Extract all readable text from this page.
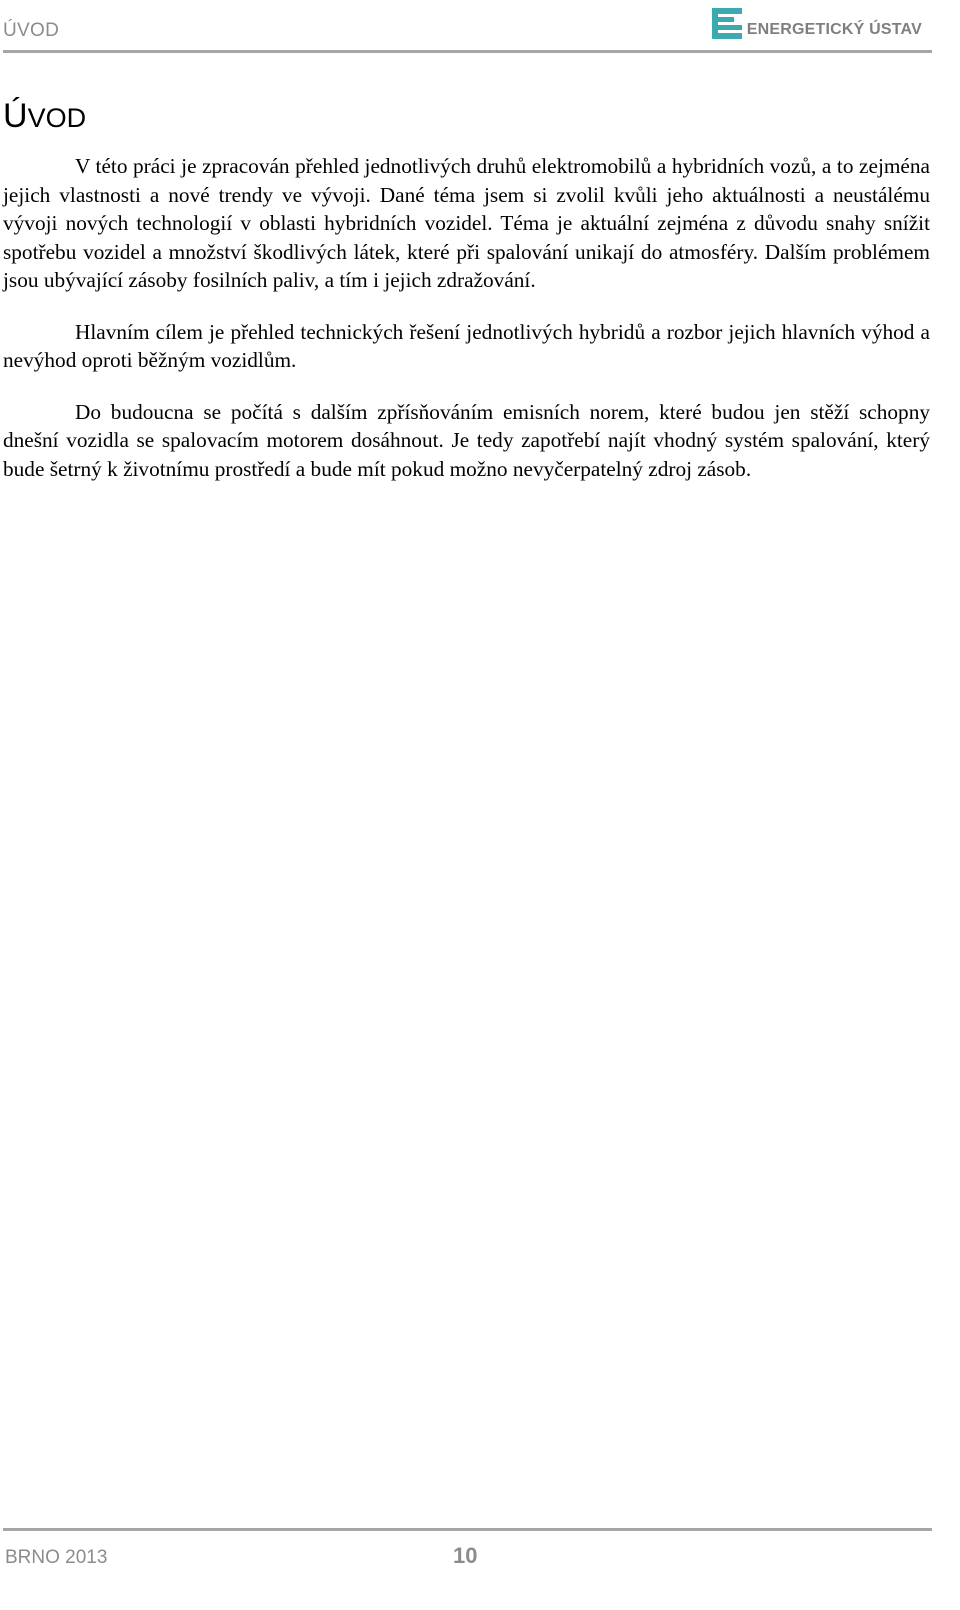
ÚVOD	ENERGETICKÝ ÚSTAV
ÚVOD

V této práci je zpracován přehled jednotlivých druhů elektromobilů a hybridních vozů, a to zejména jejich vlastnosti a nové trendy ve vývoji. Dané téma jsem si zvolil kvůli jeho aktuálnosti a neustálému vývoji nových technologií v oblasti hybridních vozidel. Téma je aktuální zejména z důvodu snahy snížit spotřebu vozidel a množství škodlivých látek, které při spalování unikají do atmosféry. Dalším problémem jsou ubývající zásoby fosilních paliv, a tím i jejich zdražování.

Hlavním cílem je přehled technických řešení jednotlivých hybridů a rozbor jejich hlavních výhod a nevýhod oproti běžným vozidlům.

Do budoucna se počítá s dalším zpřísňováním emisních norem, které budou jen stěží schopny dnešní vozidla se spalovacím motorem dosáhnout. Je tedy zapotřebí najít vhodný systém spalování, který bude šetrný k životnímu prostředí a bude mít pokud možno nevyčerpatelný zdroj zásob.

BRNO 2013	10
